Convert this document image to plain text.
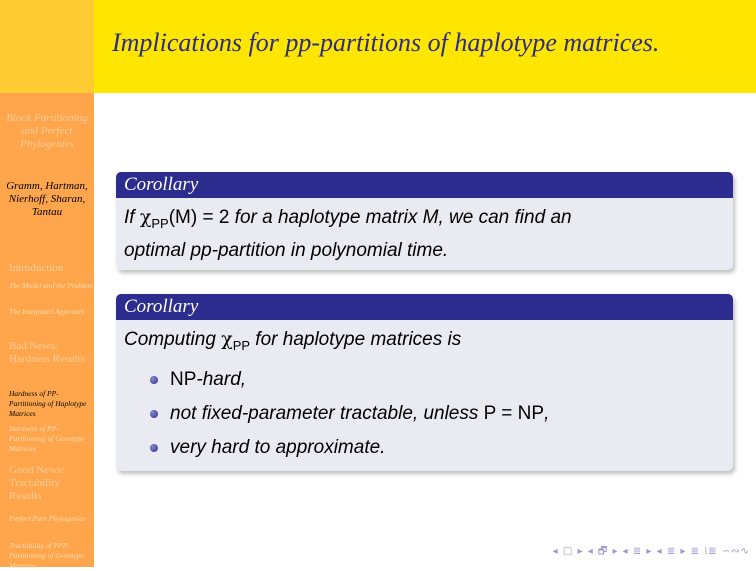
Block Partitioning and Perfect Phylogenies
Gramm, Hartman, Nierhoff, Sharan, Tantau
Introduction
The Model and the Problem
The Integrated Approach
Bad News: Hardness Results
Hardness of PP-Partitioning of Haplotype Matrices
Hardness of PP-Partitioning of Genotype Matrices
Good News: Tractability Results
Perfect Path Phylogenies
Tractability of PPP-Partitioning of Genotype Matrices
Implications for pp-partitions of haplotype matrices.
Corollary
If $\chi_{PP}(M) = 2$ for a haplotype matrix M, we can find an
optimal pp-partition in polynomial time.
Corollary
Computing $\chi_{PP}$ for haplotype matrices is
NP-hard,
not fixed-parameter tractable, unless P = NP,
very hard to approximate.
◂ □ ▸ ◂ 🗗 ▸ ◂ ≣ ▸ ◂ ≣ ▸ ≣ ⁞≣ ∽∾∿
